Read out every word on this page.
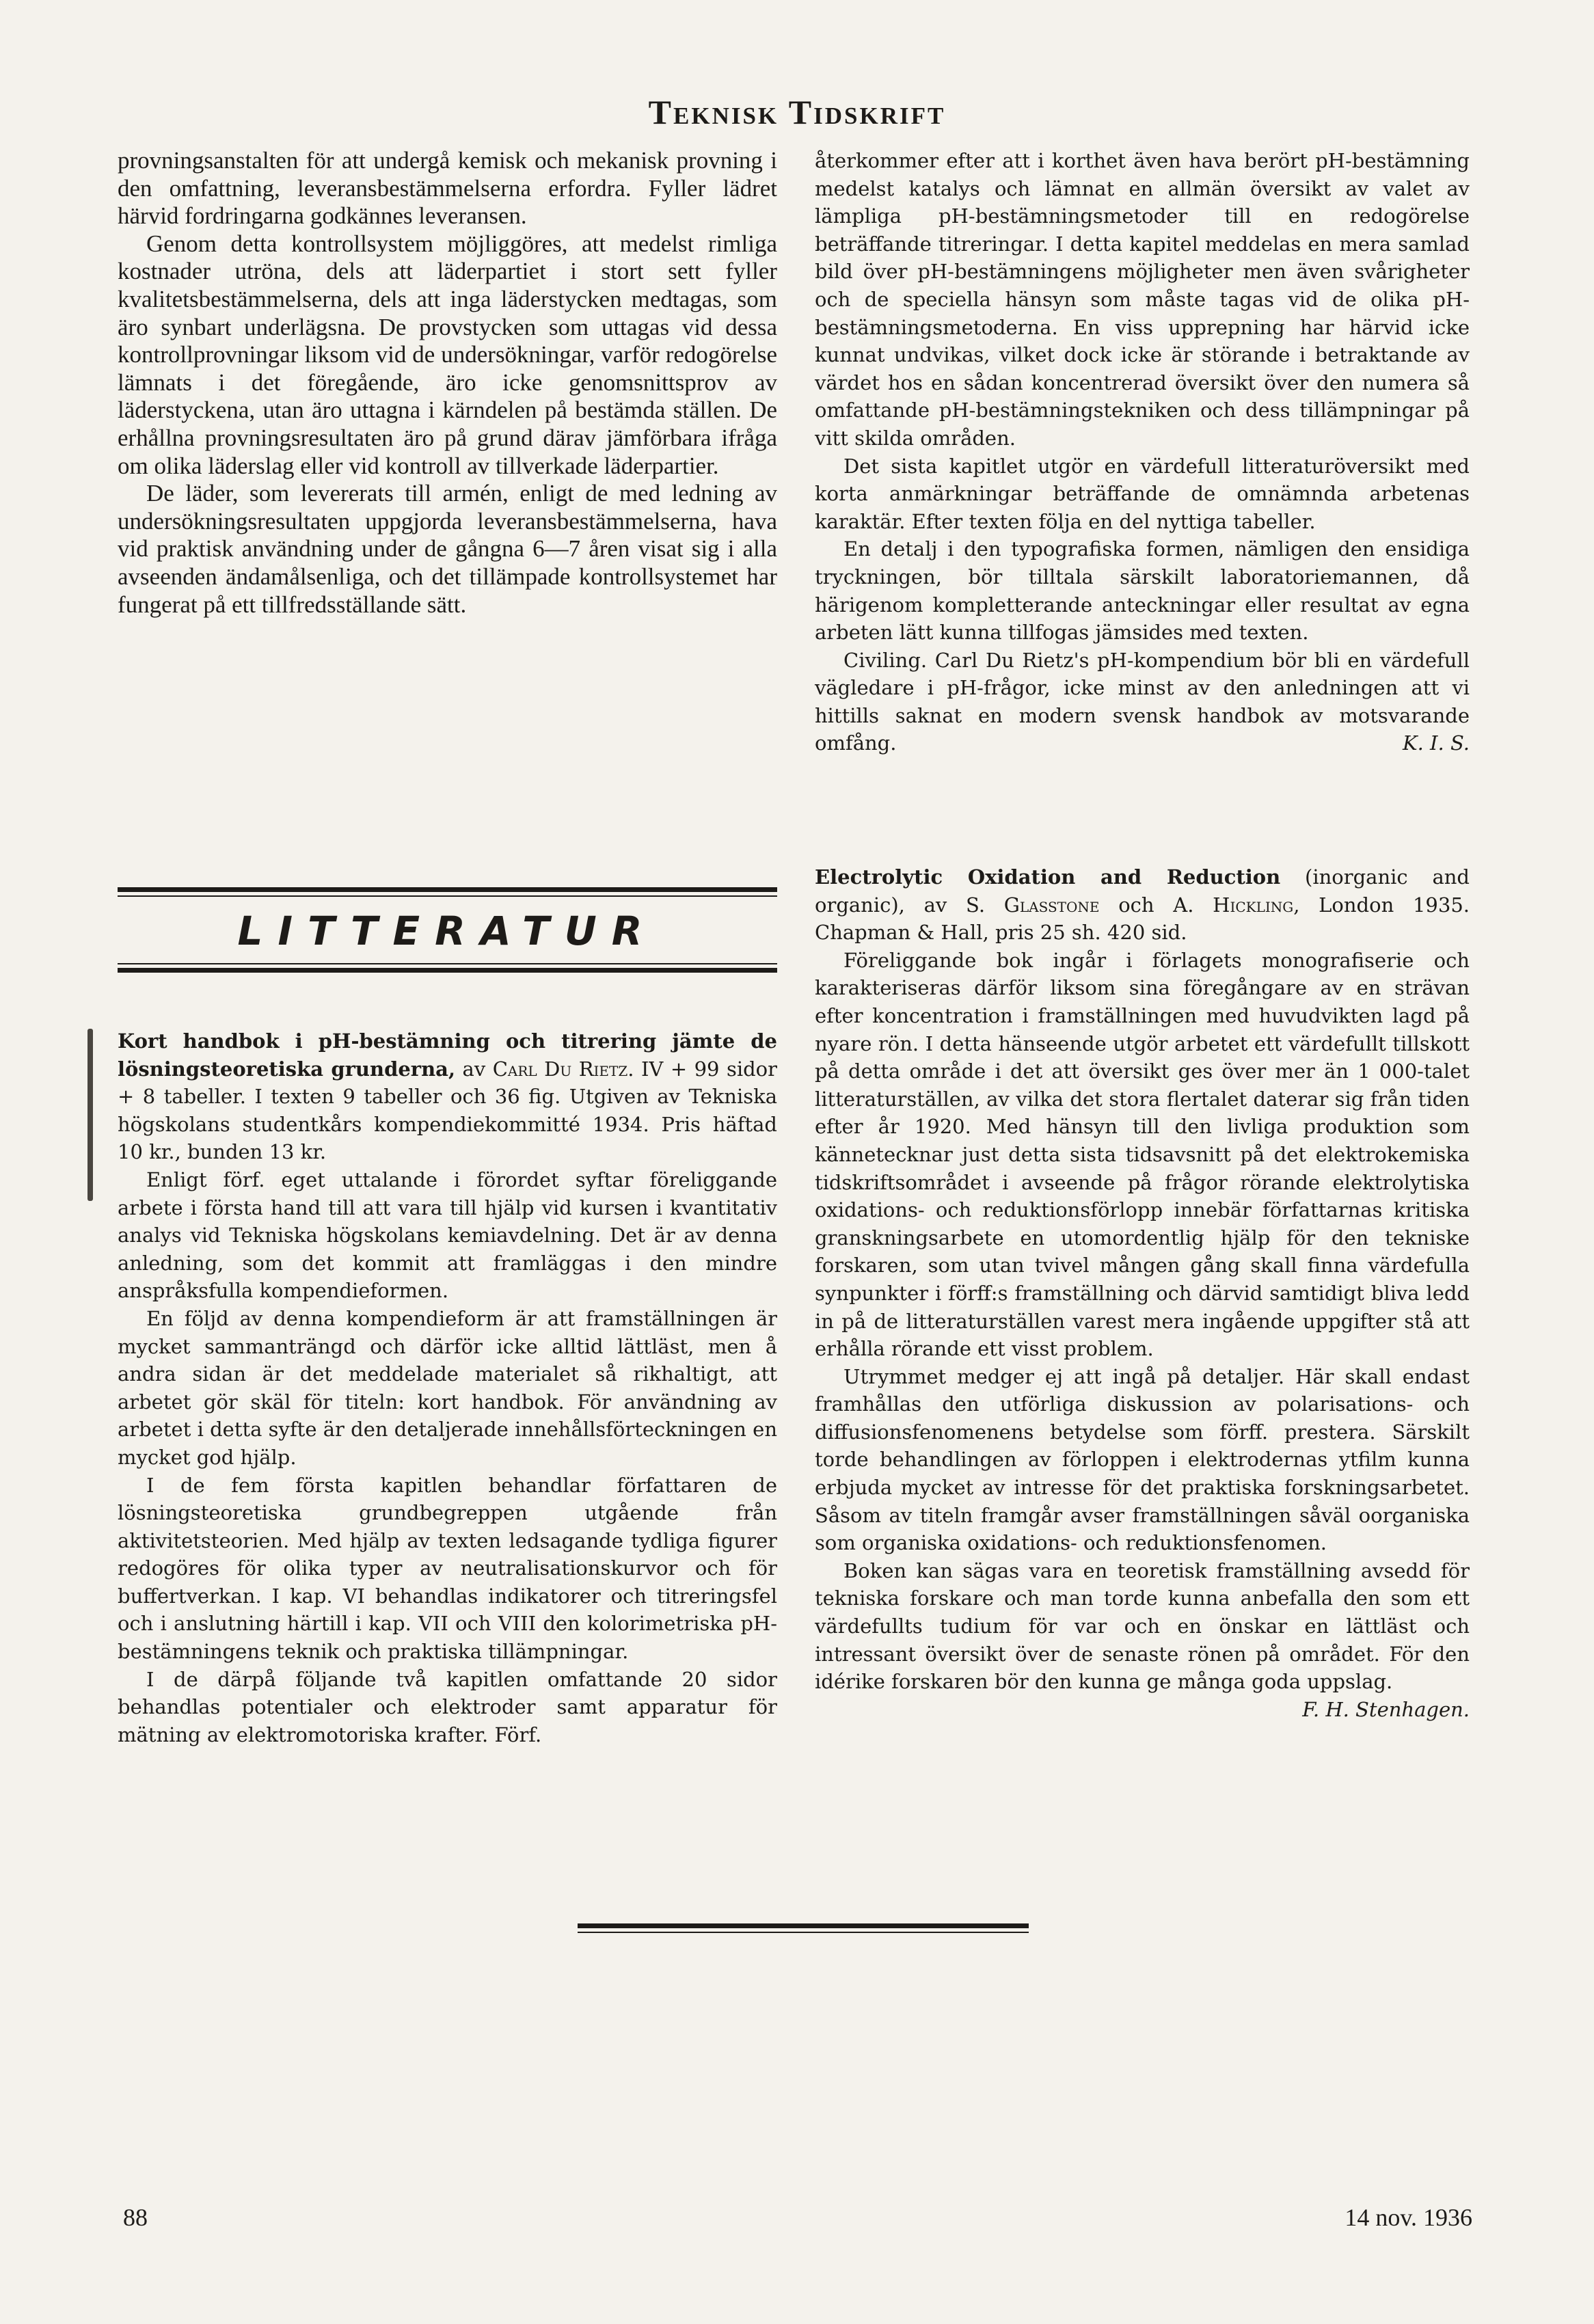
Teknisk Tidskrift

provningsanstalten för att undergå kemisk och mekanisk provning i den omfattning, leveransbestämmelserna erfordra. Fyller lädret härvid fordringarna godkännes leveransen.

Genom detta kontrollsystem möjliggöres, att medelst rimliga kostnader utröna, dels att läderpartiet i stort sett fyller kvalitetsbestämmelserna, dels att inga läderstycken medtagas, som äro synbart underlägsna. De provstycken som uttagas vid dessa kontrollprovningar liksom vid de undersökningar, varför redogörelse lämnats i det föregående, äro icke genomsnittsprov av läderstyckena, utan äro uttagna i kärndelen på bestämda ställen. De erhållna provningsresultaten äro på grund därav jämförbara ifråga om olika läderslag eller vid kontroll av tillverkade läderpartier.

De läder, som levererats till armén, enligt de med ledning av undersökningsresultaten uppgjorda leveransbestämmelserna, hava vid praktisk användning under de gångna 6—7 åren visat sig i alla avseenden ändamålsenliga, och det tillämpade kontrollsystemet har fungerat på ett tillfredsställande sätt.

LITTERATUR

Kort handbok i pH-bestämning och titrering jämte de lösningsteoretiska grunderna, av Carl Du Rietz. IV + 99 sidor + 8 tabeller. I texten 9 tabeller och 36 fig. Utgiven av Tekniska högskolans studentkårs kompendiekommitté 1934. Pris häftad 10 kr., bunden 13 kr.

Enligt förf. eget uttalande i förordet syftar föreliggande arbete i första hand till att vara till hjälp vid kursen i kvantitativ analys vid Tekniska högskolans kemiavdelning. Det är av denna anledning, som det kommit att framläggas i den mindre anspråksfulla kompendieformen.

En följd av denna kompendieform är att framställningen är mycket sammanträngd och därför icke alltid lättläst, men å andra sidan är det meddelade materialet så rikhaltigt, att arbetet gör skäl för titeln: kort handbok. För användning av arbetet i detta syfte är den detaljerade innehållsförteckningen en mycket god hjälp.

I de fem första kapitlen behandlar författaren de lösningsteoretiska grundbegreppen utgående från aktivitetsteorien. Med hjälp av texten ledsagande tydliga figurer redogöres för olika typer av neutralisationskurvor och för buffertverkan. I kap. VI behandlas indikatorer och titreringsfel och i anslutning härtill i kap. VII och VIII den kolorimetriska pH-bestämningens teknik och praktiska tillämpningar.

I de därpå följande två kapitlen omfattande 20 sidor behandlas potentialer och elektroder samt apparatur för mätning av elektromotoriska krafter. Förf.

återkommer efter att i korthet även hava berört pH-bestämning medelst katalys och lämnat en allmän översikt av valet av lämpliga pH-bestämningsmetoder till en redogörelse beträffande titreringar. I detta kapitel meddelas en mera samlad bild över pH-bestämningens möjligheter men även svårigheter och de speciella hänsyn som måste tagas vid de olika pH-bestämningsmetoderna. En viss upprepning har härvid icke kunnat undvikas, vilket dock icke är störande i betraktande av värdet hos en sådan koncentrerad översikt över den numera så omfattande pH-bestämningstekniken och dess tillämpningar på vitt skilda områden.

Det sista kapitlet utgör en värdefull litteraturöversikt med korta anmärkningar beträffande de omnämnda arbetenas karaktär. Efter texten följa en del nyttiga tabeller.

En detalj i den typografiska formen, nämligen den ensidiga tryckningen, bör tilltala särskilt laboratoriemannen, då härigenom kompletterande anteckningar eller resultat av egna arbeten lätt kunna tillfogas jämsides med texten.

Civiling. Carl Du Rietz's pH-kompendium bör bli en värdefull vägledare i pH-frågor, icke minst av den anledningen att vi hittills saknat en modern svensk handbok av motsvarande omfång.	K. I. S.

Electrolytic Oxidation and Reduction (inorganic and organic), av S. Glasstone och A. Hickling, London 1935. Chapman & Hall, pris 25 sh. 420 sid.

Föreliggande bok ingår i förlagets monografiserie och karakteriseras därför liksom sina föregångare av en strävan efter koncentration i framställningen med huvudvikten lagd på nyare rön. I detta hänseende utgör arbetet ett värdefullt tillskott på detta område i det att översikt ges över mer än 1 000-talet litteraturställen, av vilka det stora flertalet daterar sig från tiden efter år 1920. Med hänsyn till den livliga produktion som kännetecknar just detta sista tidsavsnitt på det elektrokemiska tidskriftsområdet i avseende på frågor rörande elektrolytiska oxidations- och reduktionsförlopp innebär författarnas kritiska granskningsarbete en utomordentlig hjälp för den tekniske forskaren, som utan tvivel mången gång skall finna värdefulla synpunkter i förff:s framställning och därvid samtidigt bliva ledd in på de litteraturställen varest mera ingående uppgifter stå att erhålla rörande ett visst problem.

Utrymmet medger ej att ingå på detaljer. Här skall endast framhållas den utförliga diskussion av polarisations- och diffusionsfenomenens betydelse som förff. prestera. Särskilt torde behandlingen av förloppen i elektrodernas ytfilm kunna erbjuda mycket av intresse för det praktiska forskningsarbetet. Såsom av titeln framgår avser framställningen såväl oorganiska som organiska oxidations- och reduktionsfenomen.

Boken kan sägas vara en teoretisk framställning avsedd för tekniska forskare och man torde kunna anbefalla den som ett värdefullts tudium för var och en önskar en lättläst och intressant översikt över de senaste rönen på området. För den idérike forskaren bör den kunna ge många goda uppslag.
F. H. Stenhagen.

88	14 nov. 1936
